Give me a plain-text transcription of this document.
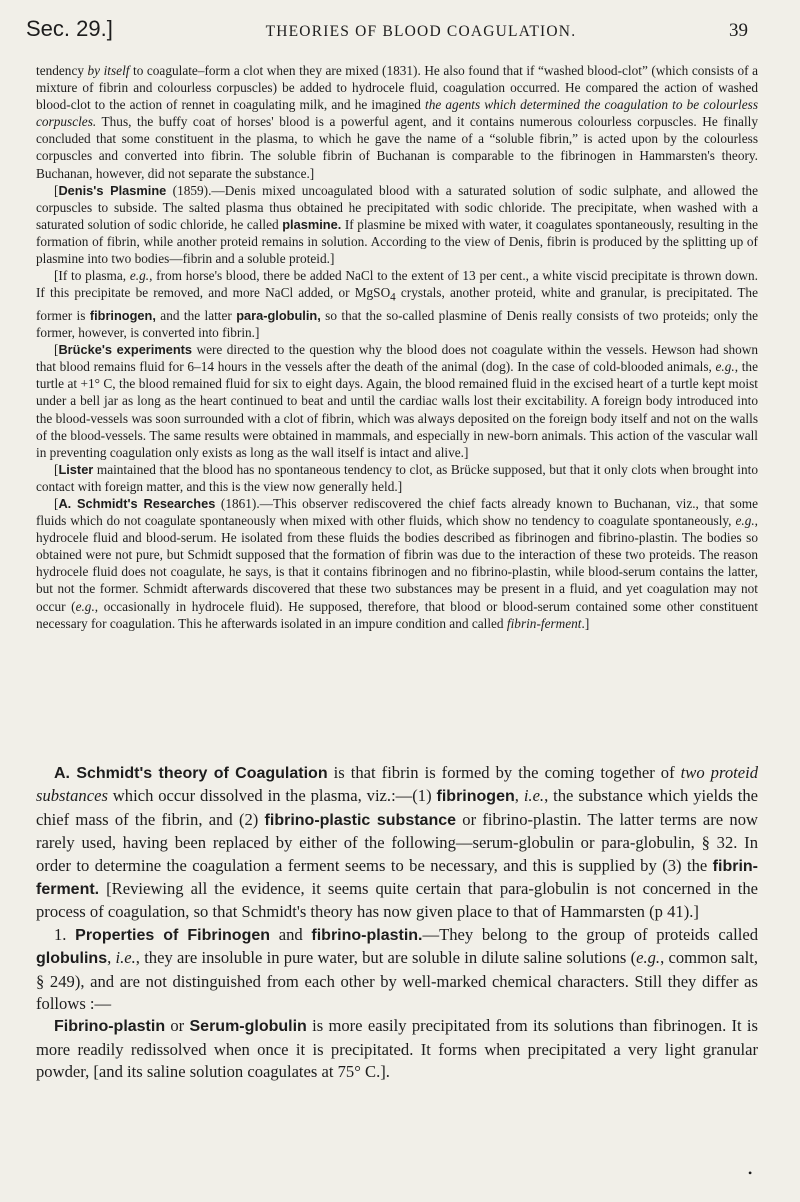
Sec. 29.]	THEORIES OF BLOOD COAGULATION.	39

tendency by itself to coagulate–form a clot when they are mixed (1831). He also found that if “washed blood-clot” (which consists of a mixture of fibrin and colourless corpuscles) be added to hydrocele fluid, coagulation occurred. He compared the action of washed blood-clot to the action of rennet in coagulating milk, and he imagined the agents which determined the coagulation to be colourless corpuscles. Thus, the buffy coat of horses' blood is a powerful agent, and it contains numerous colourless corpuscles. He finally concluded that some constituent in the plasma, to which he gave the name of a “soluble fibrin,” is acted upon by the colourless corpuscles and converted into fibrin. The soluble fibrin of Buchanan is comparable to the fibrinogen in Hammarsten's theory. Buchanan, however, did not separate the substance.]

[Denis's Plasmine (1859).—Denis mixed uncoagulated blood with a saturated solution of sodic sulphate, and allowed the corpuscles to subside. The salted plasma thus obtained he precipitated with sodic chloride. The precipitate, when washed with a saturated solution of sodic chloride, he called plasmine. If plasmine be mixed with water, it coagulates spontaneously, resulting in the formation of fibrin, while another proteid remains in solution. According to the view of Denis, fibrin is produced by the splitting up of plasmine into two bodies—fibrin and a soluble proteid.]

[If to plasma, e.g., from horse's blood, there be added NaCl to the extent of 13 per cent., a white viscid precipitate is thrown down. If this precipitate be removed, and more NaCl added, or MgSO$_4$ crystals, another proteid, white and granular, is precipitated. The former is fibrinogen, and the latter para-globulin, so that the so-called plasmine of Denis really consists of two proteids; only the former, however, is converted into fibrin.]

[Brücke's experiments were directed to the question why the blood does not coagulate within the vessels. Hewson had shown that blood remains fluid for 6–14 hours in the vessels after the death of the animal (dog). In the case of cold-blooded animals, e.g., the turtle at +1° C, the blood remained fluid for six to eight days. Again, the blood remained fluid in the excised heart of a turtle kept moist under a bell jar as long as the heart continued to beat and until the cardiac walls lost their excitability. A foreign body introduced into the blood-vessels was soon surrounded with a clot of fibrin, which was always deposited on the foreign body itself and not on the walls of the blood-vessels. The same results were obtained in mammals, and especially in new-born animals. This action of the vascular wall in preventing coagulation only exists as long as the wall itself is intact and alive.]

[Lister maintained that the blood has no spontaneous tendency to clot, as Brücke supposed, but that it only clots when brought into contact with foreign matter, and this is the view now generally held.]

[A. Schmidt's Researches (1861).—This observer rediscovered the chief facts already known to Buchanan, viz., that some fluids which do not coagulate spontaneously when mixed with other fluids, which show no tendency to coagulate spontaneously, e.g., hydrocele fluid and blood-serum. He isolated from these fluids the bodies described as fibrinogen and fibrino-plastin. The bodies so obtained were not pure, but Schmidt supposed that the formation of fibrin was due to the interaction of these two proteids. The reason hydrocele fluid does not coagulate, he says, is that it contains fibrinogen and no fibrino-plastin, while blood-serum contains the latter, but not the former. Schmidt afterwards discovered that these two substances may be present in a fluid, and yet coagulation may not occur (e.g., occasionally in hydrocele fluid). He supposed, therefore, that blood or blood-serum contained some other constituent necessary for coagulation. This he afterwards isolated in an impure condition and called fibrin-ferment.]

A. Schmidt's theory of Coagulation is that fibrin is formed by the coming together of two proteid substances which occur dissolved in the plasma, viz.:—(1) fibrinogen, i.e., the substance which yields the chief mass of the fibrin, and (2) fibrino-plastic substance or fibrino-plastin. The latter terms are now rarely used, having been replaced by either of the following—serum-globulin or para-globulin, § 32. In order to determine the coagulation a ferment seems to be necessary, and this is supplied by (3) the fibrin-ferment. [Reviewing all the evidence, it seems quite certain that para-globulin is not concerned in the process of coagulation, so that Schmidt's theory has now given place to that of Hammarsten (p 41).]

1. Properties of Fibrinogen and fibrino-plastin.—They belong to the group of proteids called globulins, i.e., they are insoluble in pure water, but are soluble in dilute saline solutions (e.g., common salt, § 249), and are not distinguished from each other by well-marked chemical characters. Still they differ as follows :—

Fibrino-plastin or Serum-globulin is more easily precipitated from its solutions than fibrinogen. It is more readily redissolved when once it is precipitated. It forms when precipitated a very light granular powder, [and its saline solution coagulates at 75° C.].

•
